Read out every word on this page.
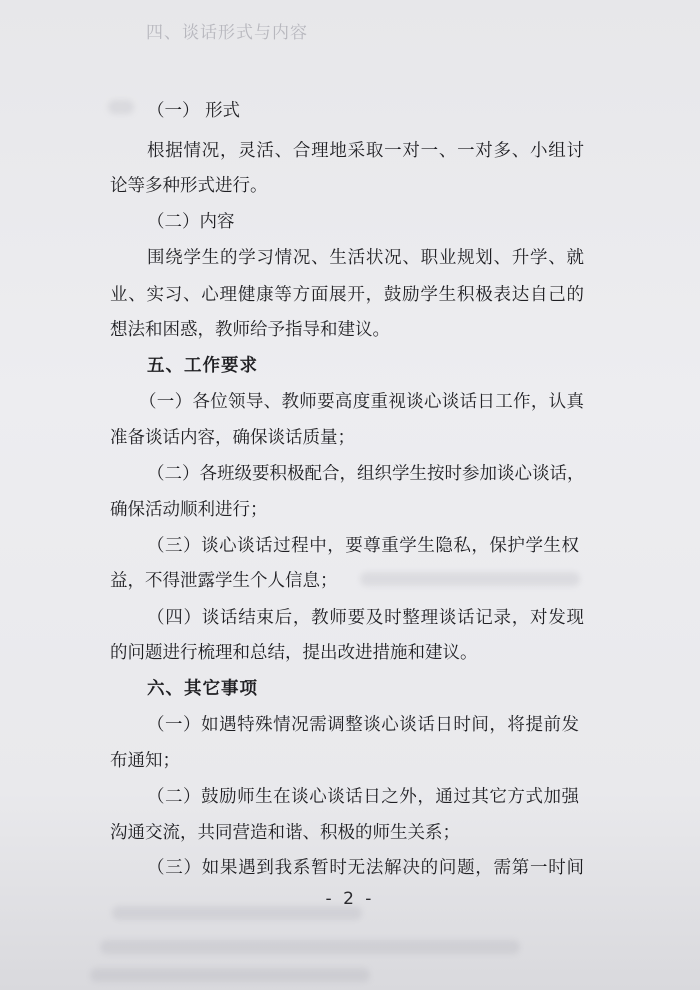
四、谈话形式与内容
（一） 形式
根据情况，灵活、合理地采取一对一、一对多、小组讨
论等多种形式进行。
（二）内容
围绕学生的学习情况、生活状况、职业规划、升学、就
业、实习、心理健康等方面展开，鼓励学生积极表达自己的
想法和困惑，教师给予指导和建议。
五、工作要求
（一）各位领导、教师要高度重视谈心谈话日工作，认真
准备谈话内容，确保谈话质量；
（二）各班级要积极配合，组织学生按时参加谈心谈话，
确保活动顺利进行；
（三）谈心谈话过程中，要尊重学生隐私，保护学生权
益，不得泄露学生个人信息；
（四）谈话结束后，教师要及时整理谈话记录，对发现
的问题进行梳理和总结，提出改进措施和建议。
六、其它事项
（一）如遇特殊情况需调整谈心谈话日时间，将提前发
布通知；
（二）鼓励师生在谈心谈话日之外，通过其它方式加强
沟通交流，共同营造和谐、积极的师生关系；
（三）如果遇到我系暂时无法解决的问题，需第一时间
- 2 -
